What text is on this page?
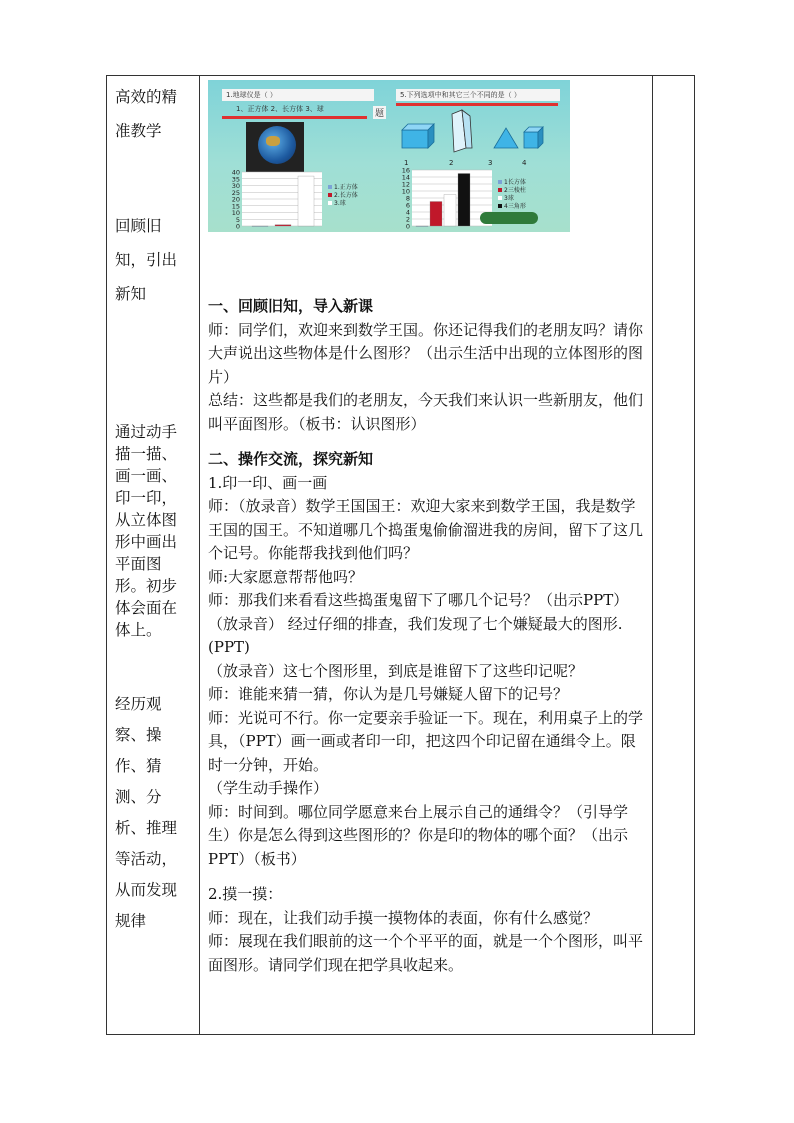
高效的精
准教学
回顾旧
知，引出
新知
通过动手
描一描、
画一画、
印一印，
从立体图
形中画出
平面图
形。初步
体会面在
体上。
经历观
察、操
作、猜
测、分
析、推理
等活动，
从而发现
规律
1.地球仪是（ ）
1、正方体 2、长方体 3、球
5.下列选项中和其它三个不同的是（ ）
题
1	2	3	4
40
35
30
25
20
15
10
5
0
1.正方体
2.长方体
3.球
16
14
12
10
8
6
4
2
0
1长方体
2三棱柱
3球
4三角形
一、回顾旧知，导入新课

师：同学们，欢迎来到数学王国。你还记得我们的老朋友吗？请你大声说出这些物体是什么图形？（出示生活中出现的立体图形的图片）

总结：这些都是我们的老朋友，今天我们来认识一些新朋友，他们叫平面图形。（板书：认识图形）

二、操作交流，探究新知

1.印一印、画一画

师：（放录音）数学王国国王：欢迎大家来到数学王国，我是数学王国的国王。不知道哪几个捣蛋鬼偷偷溜进我的房间，留下了这几个记号。你能帮我找到他们吗？

师:大家愿意帮帮他吗？

师：那我们来看看这些捣蛋鬼留下了哪几个记号？（出示PPT）

（放录音） 经过仔细的排查，我们发现了七个嫌疑最大的图形.(PPT)

（放录音）这七个图形里，到底是谁留下了这些印记呢？

师：谁能来猜一猜，你认为是几号嫌疑人留下的记号？

师：光说可不行。你一定要亲手验证一下。现在，利用桌子上的学具，（PPT）画一画或者印一印，把这四个印记留在通缉令上。限时一分钟，开始。

（学生动手操作）

师：时间到。哪位同学愿意来台上展示自己的通缉令？（引导学生）你是怎么得到这些图形的？你是印的物体的哪个面？（出示PPT）（板书）

2.摸一摸：

师：现在，让我们动手摸一摸物体的表面，你有什么感觉？

师：展现在我们眼前的这一个个平平的面，就是一个个图形，叫平面图形。请同学们现在把学具收起来。
